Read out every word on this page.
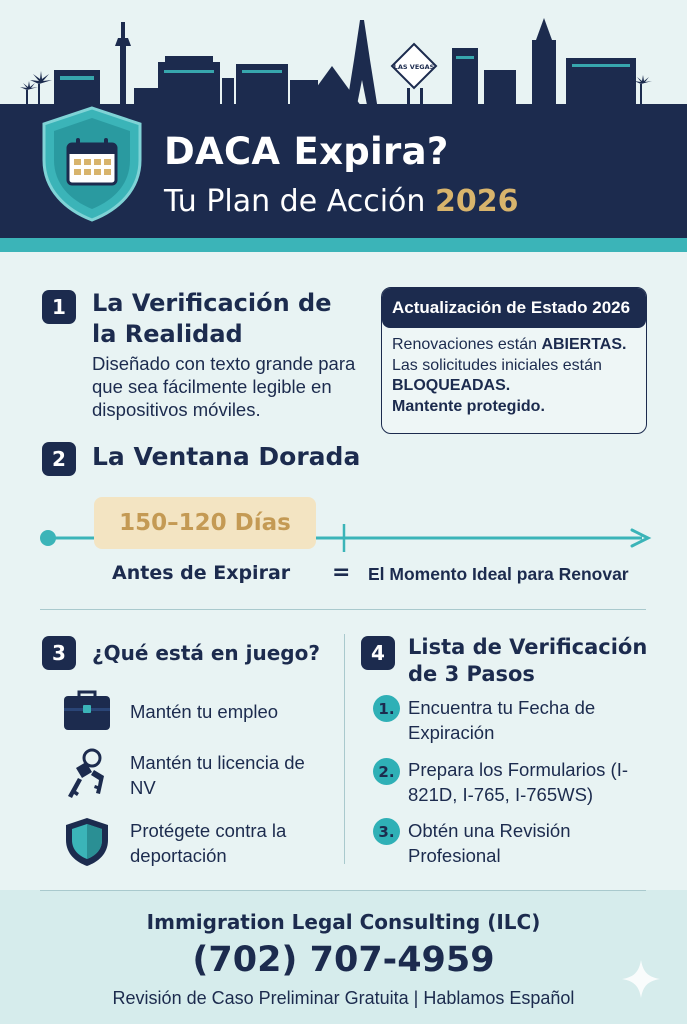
LAS VEGAS
DACA Expira?
Tu Plan de Acción 2026
1	La Verificación de
la Realidad
Diseñado con texto grande para que sea fácilmente legible en dispositivos móviles.
Actualización de Estado 2026
Renovaciones están ABIERTAS.
Las solicitudes iniciales están
BLOQUEADAS.
Mantente protegido.
2	La Ventana Dorada
150–120 Días
Antes de Expirar = El Momento Ideal para Renovar
3	¿Qué está en juego?
Mantén tu empleo
Mantén tu licencia de NV
Protégete contra la deportación
4	Lista de Verificación
de 3 Pasos
1. Encuentra tu Fecha de Expiración
2. Prepara los Formularios (I-821D, I-765, I-765WS)
3. Obtén una Revisión Profesional
Immigration Legal Consulting (ILC)
(702) 707-4959
Revisión de Caso Preliminar Gratuita | Hablamos Español
